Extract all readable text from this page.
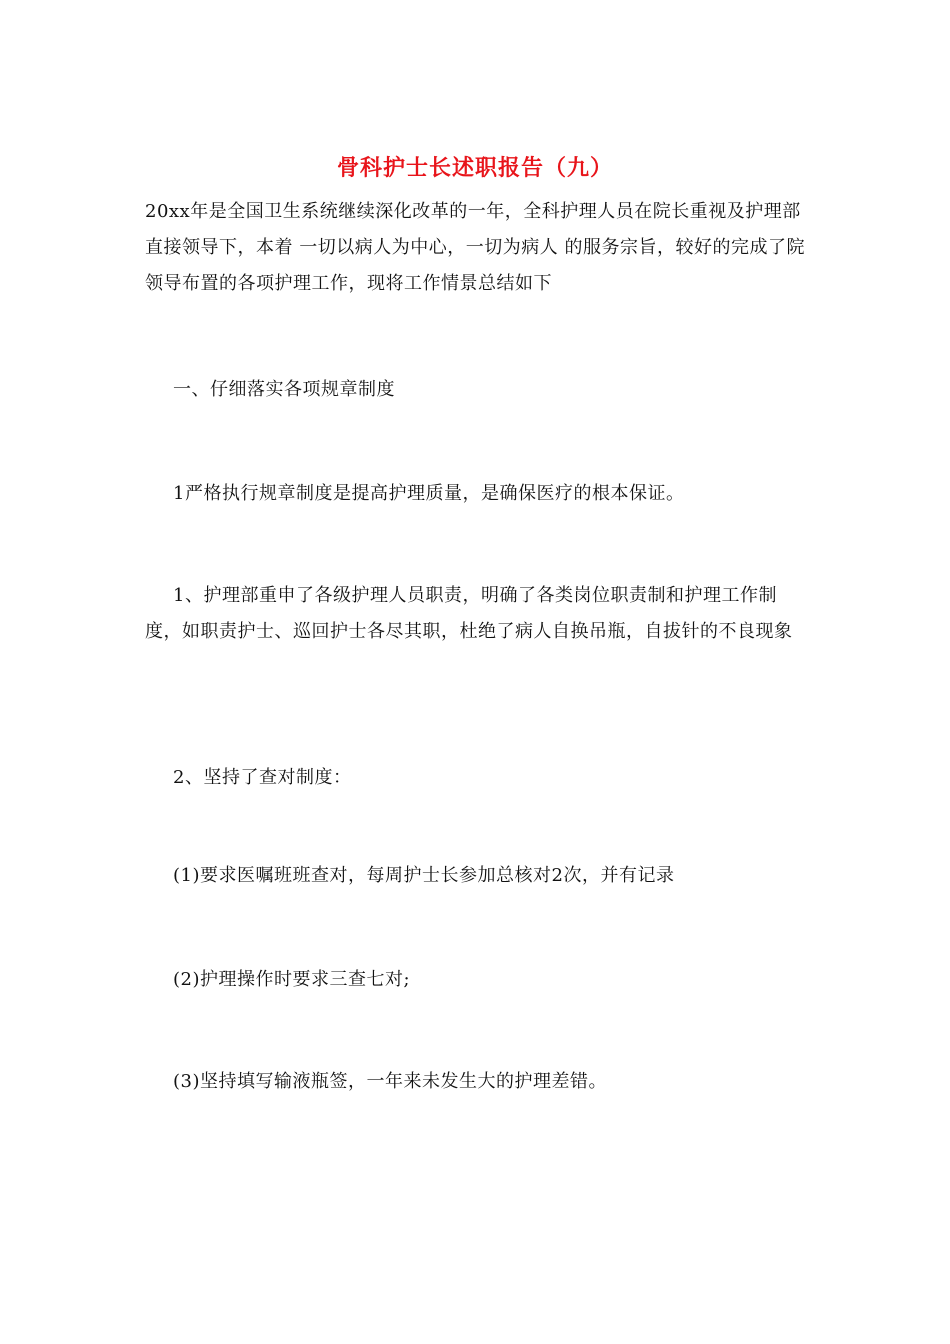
骨科护士长述职报告（九）

20xx年是全国卫生系统继续深化改革的一年，全科护理人员在院长重视及护理部直接领导下，本着 一切以病人为中心，一切为病人 的服务宗旨，较好的完成了院领导布置的各项护理工作，现将工作情景总结如下

一、仔细落实各项规章制度

1严格执行规章制度是提高护理质量，是确保医疗的根本保证。

1、护理部重申了各级护理人员职责，明确了各类岗位职责制和护理工作制度，如职责护士、巡回护士各尽其职，杜绝了病人自换吊瓶，自拔针的不良现象

2、坚持了查对制度：

(1)要求医嘱班班查对，每周护士长参加总核对2次，并有记录

(2)护理操作时要求三查七对;

(3)坚持填写输液瓶签，一年来未发生大的护理差错。
